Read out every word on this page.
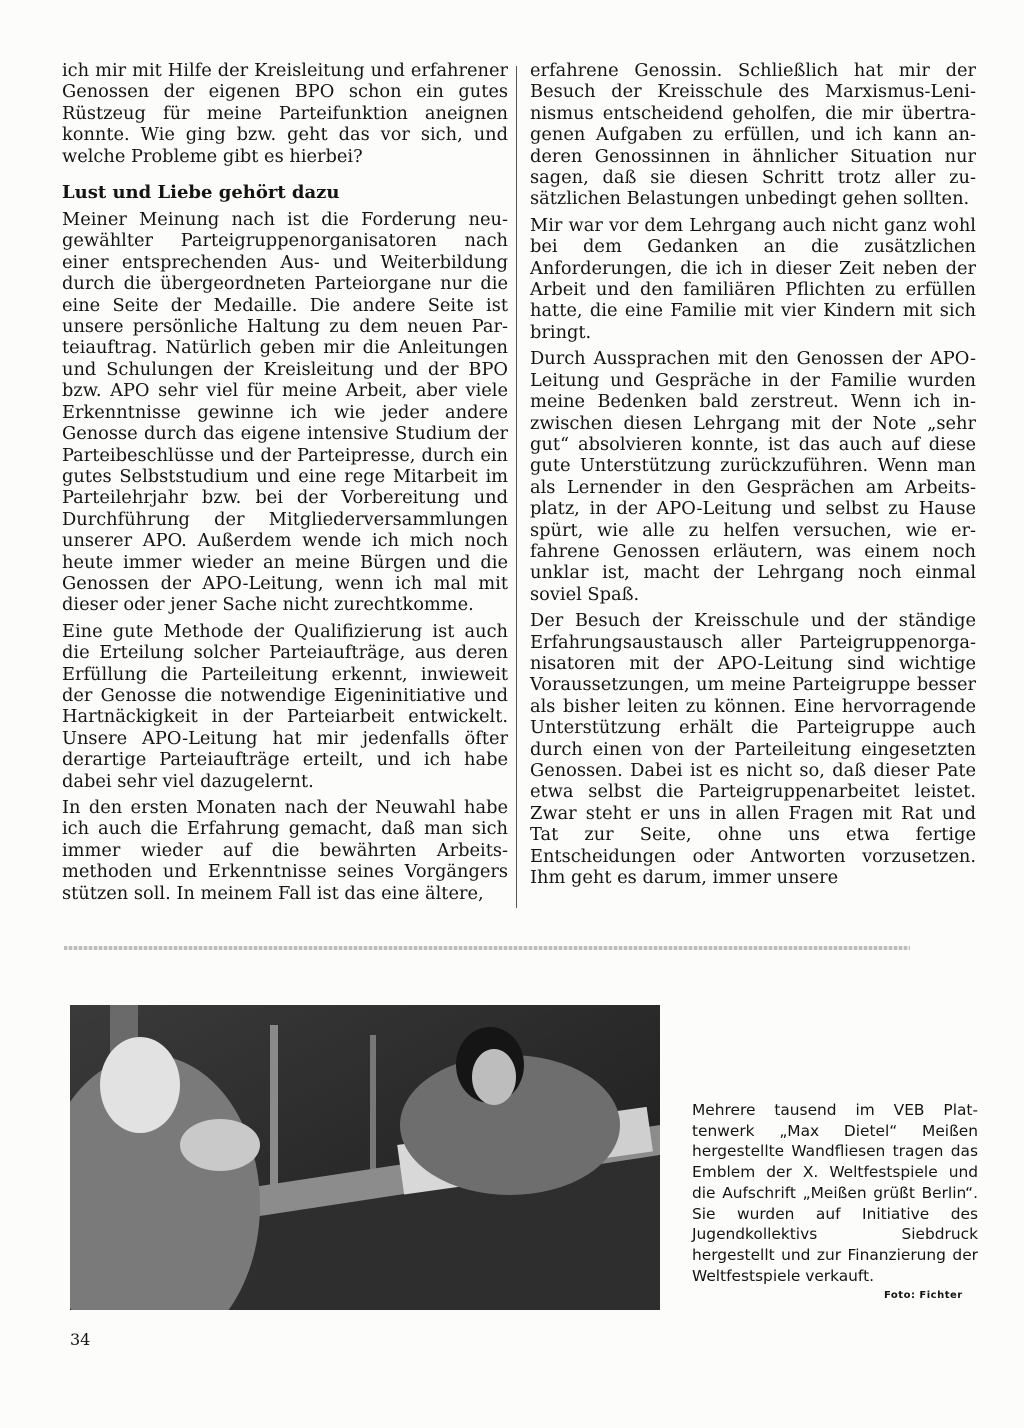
ich mir mit Hilfe der Kreisleitung und erfahrener Genossen der eigenen BPO schon ein gutes Rüstzeug für meine Parteifunktion aneignen konnte. Wie ging bzw. geht das vor sich, und welche Probleme gibt es hierbei?

Lust und Liebe gehört dazu

Meiner Meinung nach ist die Forderung neugewählter Parteigruppenorganisatoren nach einer entsprechenden Aus- und Weiterbildung durch die übergeordneten Parteiorgane nur die eine Seite der Medaille. Die andere Seite ist unsere persönliche Haltung zu dem neuen Parteiauftrag. Natürlich geben mir die Anleitungen und Schulungen der Kreisleitung und der BPO bzw. APO sehr viel für meine Arbeit, aber viele Erkenntnisse gewinne ich wie jeder andere Genosse durch das eigene intensive Studium der Parteibeschlüsse und der Parteipresse, durch ein gutes Selbststudium und eine rege Mitarbeit im Parteilehrjahr bzw. bei der Vorbereitung und Durchführung der Mitgliederversammlungen unserer APO. Außerdem wende ich mich noch heute immer wieder an meine Bürgen und die Genossen der APO-Leitung, wenn ich mal mit dieser oder jener Sache nicht zurechtkomme.

Eine gute Methode der Qualifizierung ist auch die Erteilung solcher Parteiaufträge, aus deren Erfüllung die Parteileitung erkennt, inwieweit der Genosse die notwendige Eigeninitiative und Hartnäckigkeit in der Parteiarbeit entwickelt. Unsere APO-Leitung hat mir jedenfalls öfter derartige Parteiaufträge erteilt, und ich habe dabei sehr viel dazugelernt.

In den ersten Monaten nach der Neuwahl habe ich auch die Erfahrung gemacht, daß man sich immer wieder auf die bewährten Arbeitsmethoden und Erkenntnisse seines Vorgängers stützen soll. In meinem Fall ist das eine ältere,

erfahrene Genossin. Schließlich hat mir der Besuch der Kreisschule des Marxismus-Leninismus entscheidend geholfen, die mir übertragenen Aufgaben zu erfüllen, und ich kann anderen Genossinnen in ähnlicher Situation nur sagen, daß sie diesen Schritt trotz aller zusätzlichen Belastungen unbedingt gehen sollten.

Mir war vor dem Lehrgang auch nicht ganz wohl bei dem Gedanken an die zusätzlichen Anforderungen, die ich in dieser Zeit neben der Arbeit und den familiären Pflichten zu erfüllen hatte, die eine Familie mit vier Kindern mit sich bringt.

Durch Aussprachen mit den Genossen der APO-Leitung und Gespräche in der Familie wurden meine Bedenken bald zerstreut. Wenn ich inzwischen diesen Lehrgang mit der Note „sehr gut“ absolvieren konnte, ist das auch auf diese gute Unterstützung zurückzuführen. Wenn man als Lernender in den Gesprächen am Arbeitsplatz, in der APO-Leitung und selbst zu Hause spürt, wie alle zu helfen versuchen, wie erfahrene Genossen erläutern, was einem noch unklar ist, macht der Lehrgang noch einmal soviel Spaß.

Der Besuch der Kreisschule und der ständige Erfahrungsaustausch aller Parteigruppenorganisatoren mit der APO-Leitung sind wichtige Voraussetzungen, um meine Parteigruppe besser als bisher leiten zu können. Eine hervorragende Unterstützung erhält die Parteigruppe auch durch einen von der Parteileitung eingesetzten Genossen. Dabei ist es nicht so, daß dieser Pate etwa selbst die Parteigruppenarbeitet leistet. Zwar steht er uns in allen Fragen mit Rat und Tat zur Seite, ohne uns etwa fertige Entscheidungen oder Antworten vorzusetzen. Ihm geht es darum, immer unsere

Mehrere tausend im VEB Plattenwerk „Max Dietel“ Meißen hergestellte Wandfliesen tragen das Emblem der X. Weltfestspiele und die Aufschrift „Meißen grüßt Berlin“. Sie wurden auf Initiative des Jugendkollektivs Siebdruck hergestellt und zur Finanzierung der Weltfestspiele verkauft.
Foto: Fichter
34
